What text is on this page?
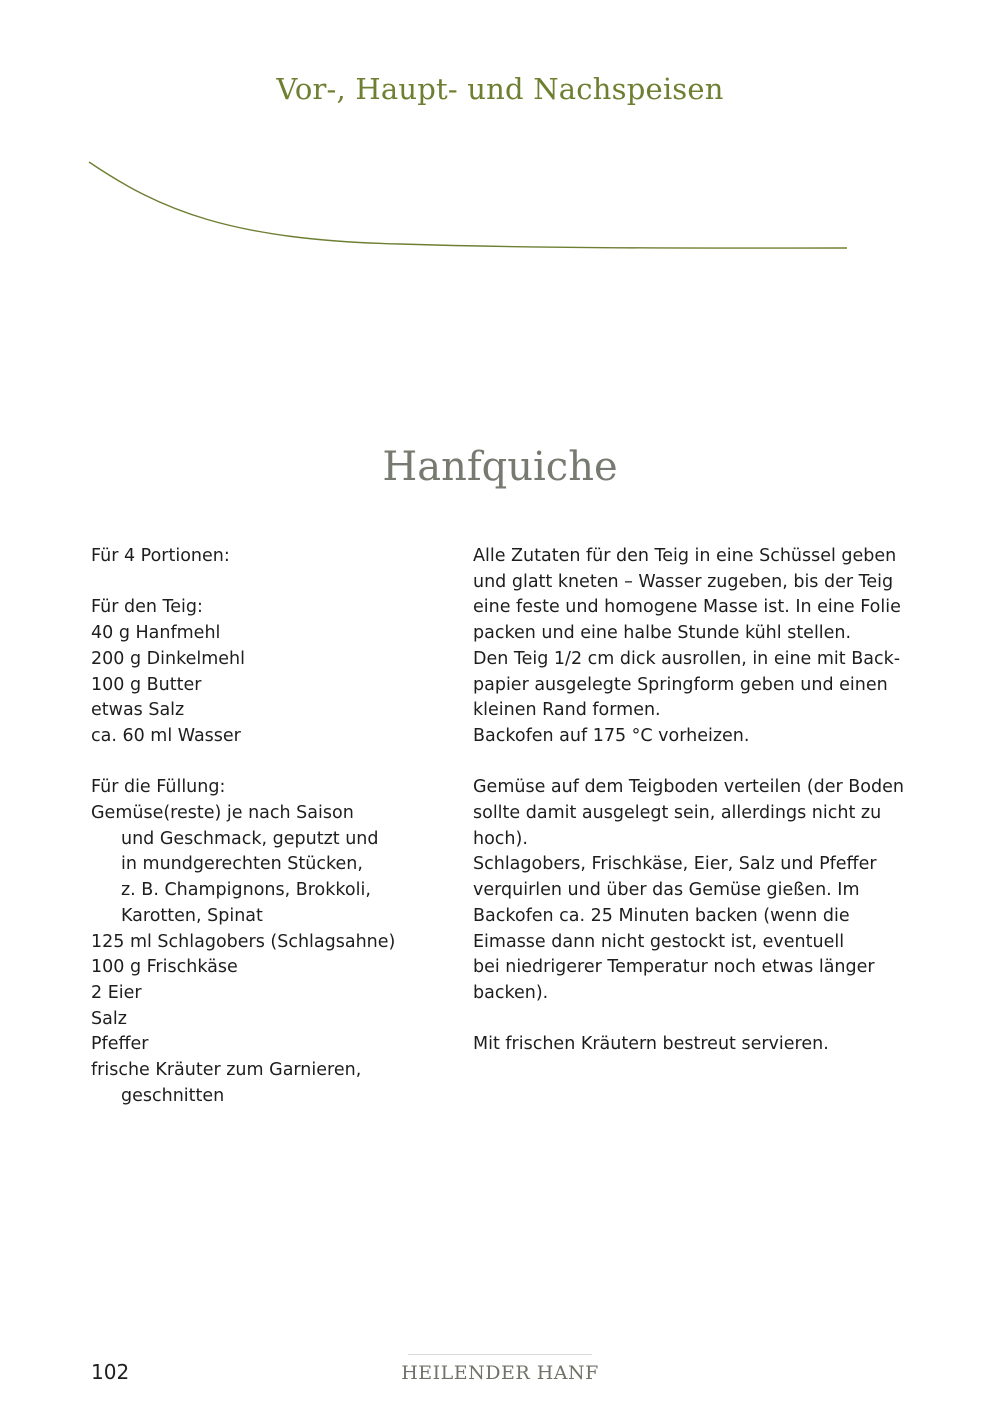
Vor-, Haupt- und Nachspeisen
Hanfquiche
Für 4 Portionen:
Für den Teig:
40 g Hanfmehl
200 g Dinkelmehl
100 g Butter
etwas Salz
ca. 60 ml Wasser
Für die Füllung:
Gemüse(reste) je nach Saison
und Geschmack, geputzt und
in mundgerechten Stücken,
z. B. Champignons, Brokkoli,
Karotten, Spinat
125 ml Schlagobers (Schlagsahne)
100 g Frischkäse
2 Eier
Salz
Pfeffer
frische Kräuter zum Garnieren,
geschnitten
Alle Zutaten für den Teig in eine Schüssel geben
und glatt kneten – Wasser zugeben, bis der Teig
eine feste und homogene Masse ist. In eine Folie
packen und eine halbe Stunde kühl stellen.
Den Teig 1/2 cm dick ausrollen, in eine mit Back-
papier ausgelegte Springform geben und einen
kleinen Rand formen.
Backofen auf 175 °C vorheizen.
Gemüse auf dem Teigboden verteilen (der Boden
sollte damit ausgelegt sein, allerdings nicht zu
hoch).
Schlagobers, Frischkäse, Eier, Salz und Pfeffer
verquirlen und über das Gemüse gießen. Im
Backofen ca. 25 Minuten backen (wenn die
Eimasse dann nicht gestockt ist, eventuell
bei niedrigerer Temperatur noch etwas länger
backen).
Mit frischen Kräutern bestreut servieren.
102	HEILENDER HANF
